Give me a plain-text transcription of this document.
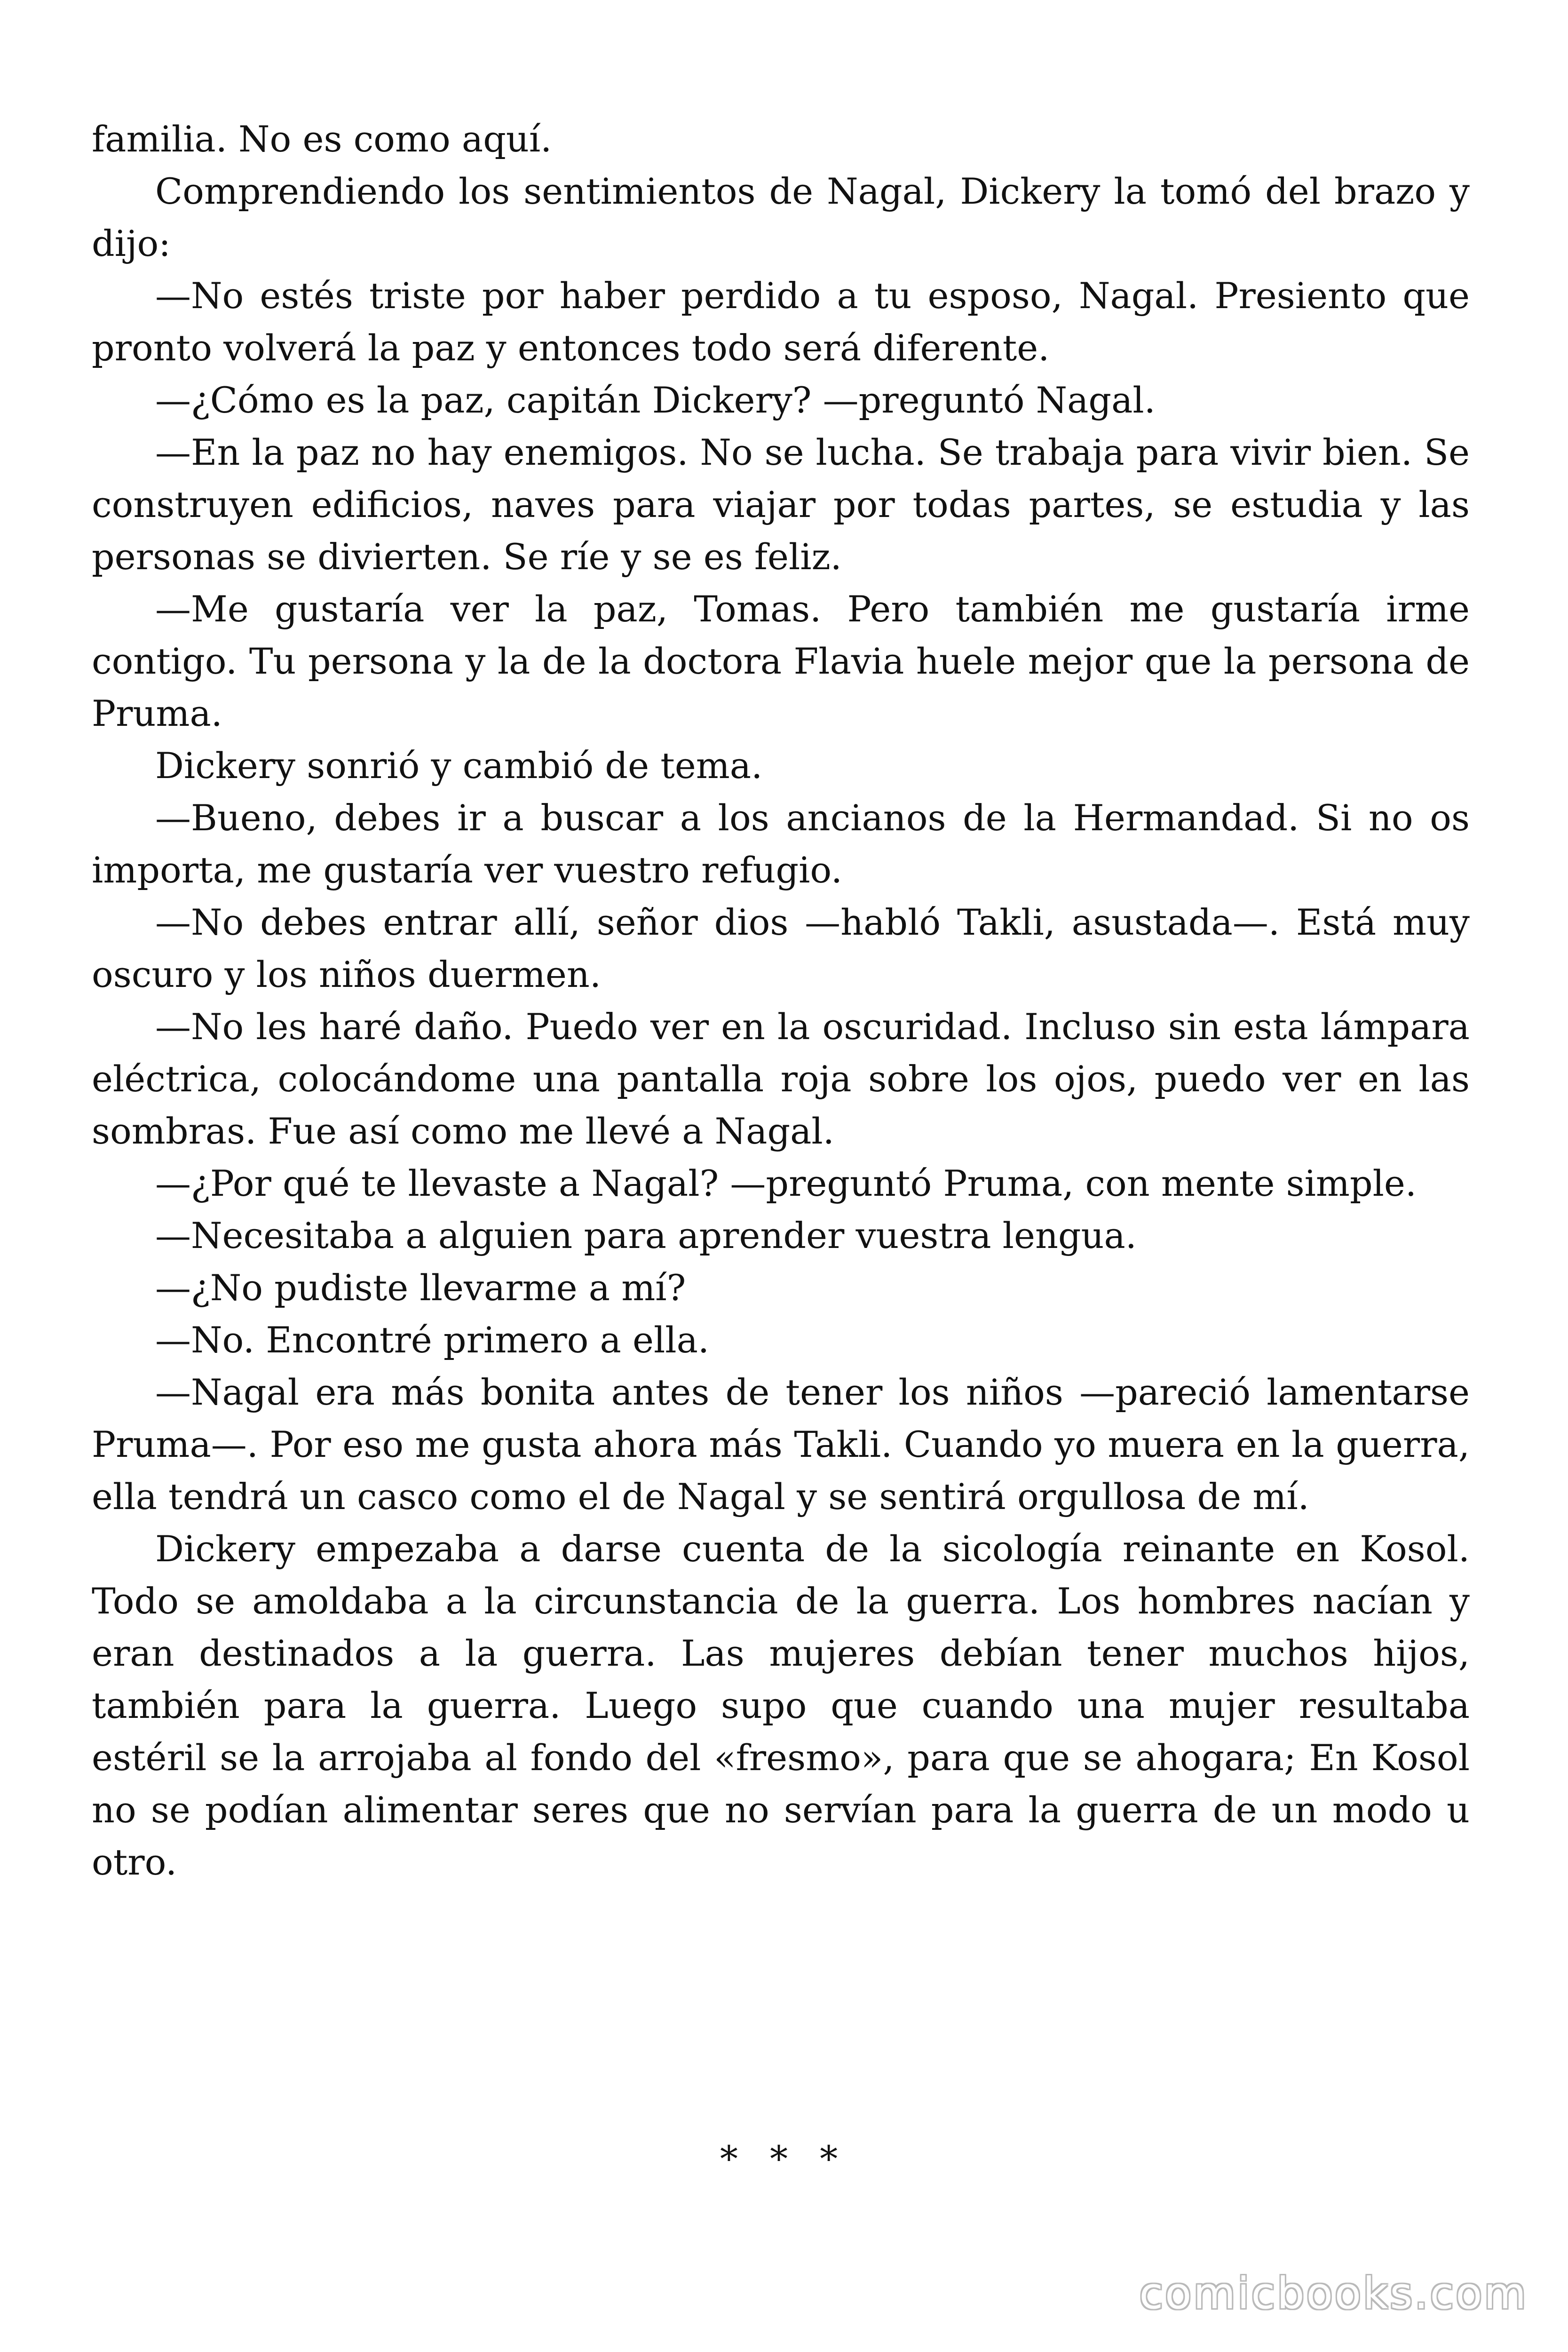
familia. No es como aquí.

Comprendiendo los sentimientos de Nagal, Dickery la tomó del brazo y dijo:

—No estés triste por haber perdido a tu esposo, Nagal. Presiento que pronto volverá la paz y entonces todo será diferente.

—¿Cómo es la paz, capitán Dickery? —preguntó Nagal.

—En la paz no hay enemigos. No se lucha. Se trabaja para vivir bien. Se construyen edificios, naves para viajar por todas partes, se estudia y las personas se divierten. Se ríe y se es feliz.

—Me gustaría ver la paz, Tomas. Pero también me gustaría irme contigo. Tu persona y la de la doctora Flavia huele mejor que la persona de Pruma.

Dickery sonrió y cambió de tema.

—Bueno, debes ir a buscar a los ancianos de la Hermandad. Si no os importa, me gustaría ver vuestro refugio.

—No debes entrar allí, señor dios —habló Takli, asustada—. Está muy oscuro y los niños duermen.

—No les haré daño. Puedo ver en la oscuridad. Incluso sin esta lámpara eléctrica, colocándome una pantalla roja sobre los ojos, puedo ver en las sombras. Fue así como me llevé a Nagal.

—¿Por qué te llevaste a Nagal? —preguntó Pruma, con mente simple.

—Necesitaba a alguien para aprender vuestra lengua.

—¿No pudiste llevarme a mí?

—No. Encontré primero a ella.

—Nagal era más bonita antes de tener los niños —pareció lamentarse Pruma—. Por eso me gusta ahora más Takli. Cuando yo muera en la guerra, ella tendrá un casco como el de Nagal y se sentirá orgullosa de mí.

Dickery empezaba a darse cuenta de la sicología reinante en Kosol. Todo se amoldaba a la circunstancia de la guerra. Los hombres nacían y eran destinados a la guerra. Las mujeres debían tener muchos hijos, también para la guerra. Luego supo que cuando una mujer resultaba estéril se la arrojaba al fondo del «fresmo», para que se ahogara; En Kosol no se podían alimentar seres que no servían para la guerra de un modo u otro.

* * *
comicbooks.com
